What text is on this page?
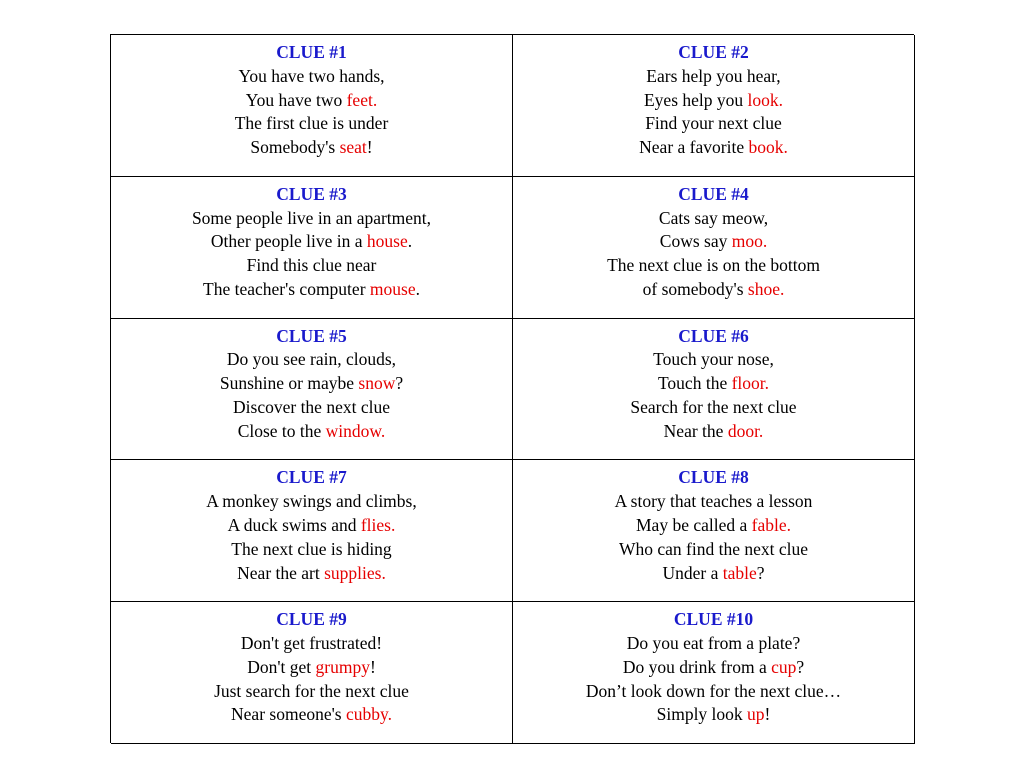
CLUE #1
You have two hands,
You have two feet.
The first clue is under
Somebody's seat!
CLUE #2
Ears help you hear,
Eyes help you look.
Find your next clue
Near a favorite book.
CLUE #3
Some people live in an apartment,
Other people live in a house.
Find this clue near
The teacher's computer mouse.
CLUE #4
Cats say meow,
Cows say moo.
The next clue is on the bottom
of somebody's shoe.
CLUE #5
Do you see rain, clouds,
Sunshine or maybe snow?
Discover the next clue
Close to the window.
CLUE #6
Touch your nose,
Touch the floor.
Search for the next clue
Near the door.
CLUE #7
A monkey swings and climbs,
A duck swims and flies.
The next clue is hiding
Near the art supplies.
CLUE #8
A story that teaches a lesson
May be called a fable.
Who can find the next clue
Under a table?
CLUE #9
Don't get frustrated!
Don't get grumpy!
Just search for the next clue
Near someone's cubby.
CLUE #10
Do you eat from a plate?
Do you drink from a cup?
Don’t look down for the next clue…
Simply look up!
